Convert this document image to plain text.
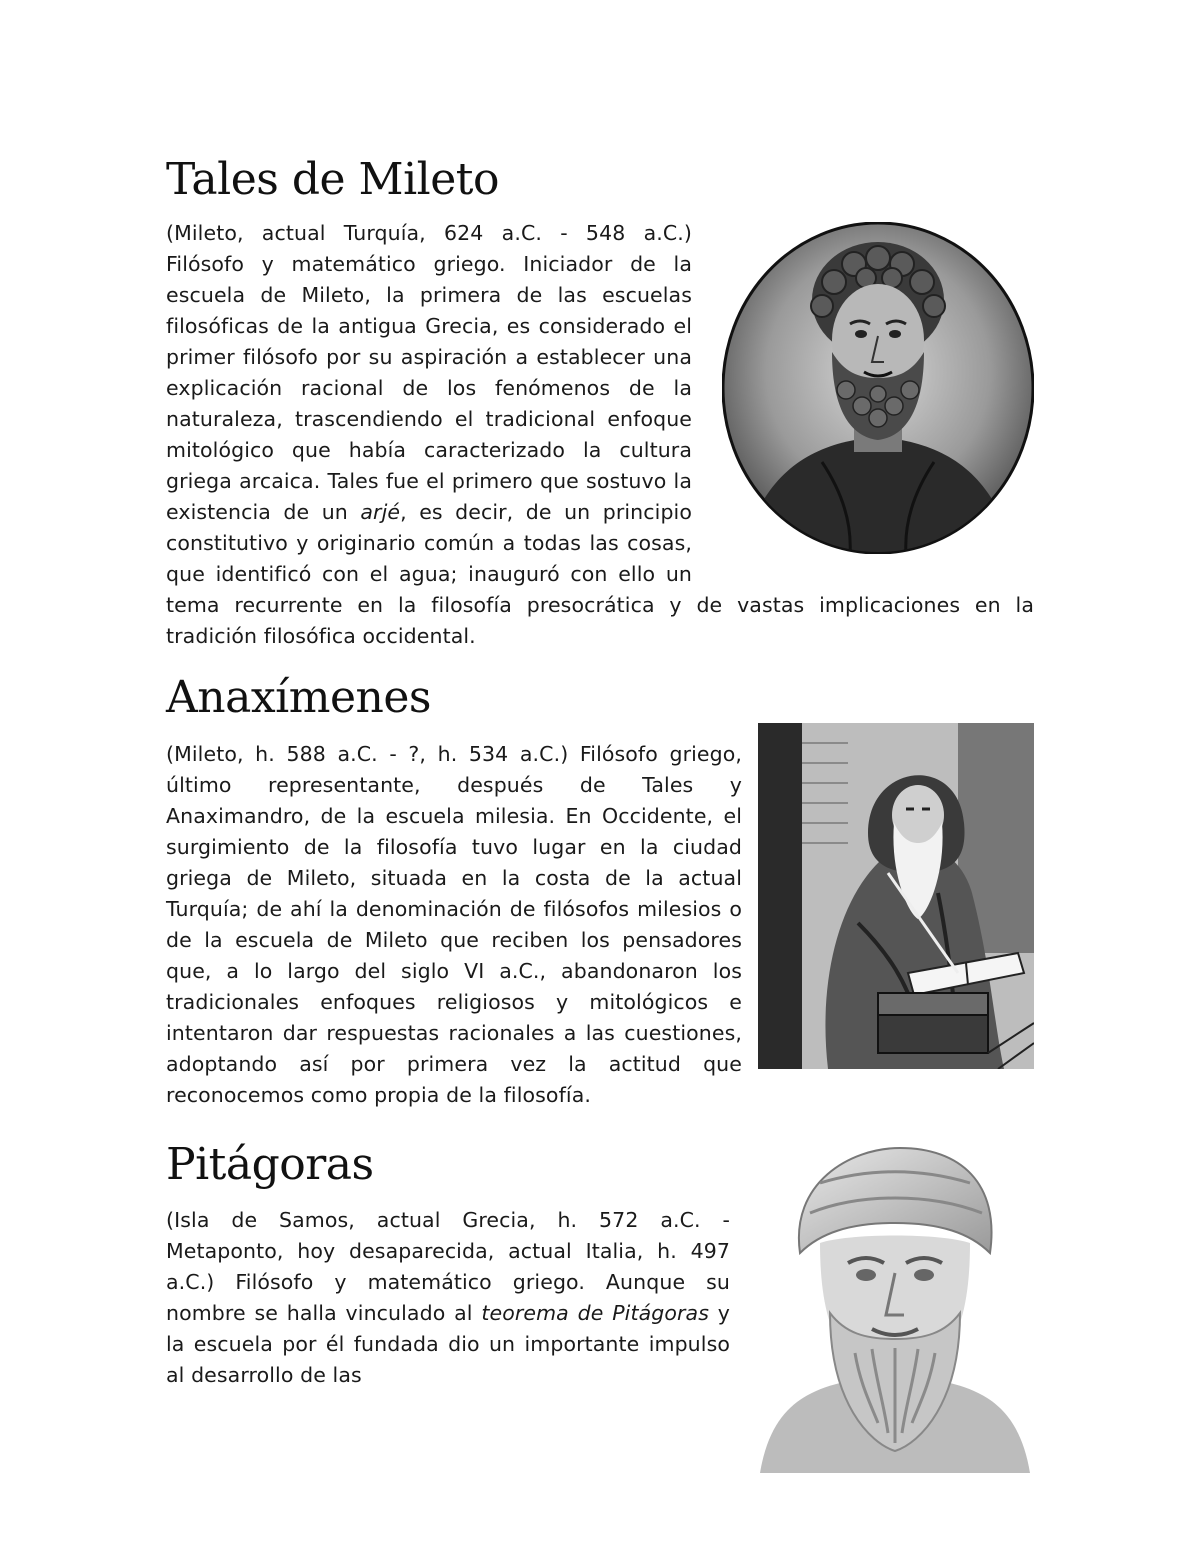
Tales de Mileto

(Mileto, actual Turquía, 624 a.C. - 548 a.C.) Filósofo y matemático griego. Iniciador de la escuela de Mileto, la primera de las escuelas filosóficas de la antigua Grecia, es considerado el primer filósofo por su aspiración a establecer una explicación racional de los fenómenos de la naturaleza, trascendiendo el tradicional enfoque mitológico que había caracterizado la cultura griega arcaica. Tales fue el primero que sostuvo la existencia de un arjé, es decir, de un principio constitutivo y originario común a todas las cosas, que identificó con el agua; inauguró con ello un tema recurrente en la filosofía presocrática y de vastas implicaciones en la tradición filosófica occidental.

Anaxímenes

(Mileto, h. 588 a.C. - ?, h. 534 a.C.) Filósofo griego, último representante, después de Tales y Anaximandro, de la escuela milesia. En Occidente, el surgimiento de la filosofía tuvo lugar en la ciudad griega de Mileto, situada en la costa de la actual Turquía; de ahí la denominación de filósofos milesios o de la escuela de Mileto que reciben los pensadores que, a lo largo del siglo VI a.C., abandonaron los tradicionales enfoques religiosos y mitológicos e intentaron dar respuestas racionales a las cuestiones, adoptando así por primera vez la actitud que reconocemos como propia de la filosofía.

Pitágoras

(Isla de Samos, actual Grecia, h. 572 a.C. - Metaponto, hoy desaparecida, actual Italia, h. 497 a.C.) Filósofo y matemático griego. Aunque su nombre se halla vinculado al teorema de Pitágoras y la escuela por él fundada dio un importante impulso al desarrollo de las
